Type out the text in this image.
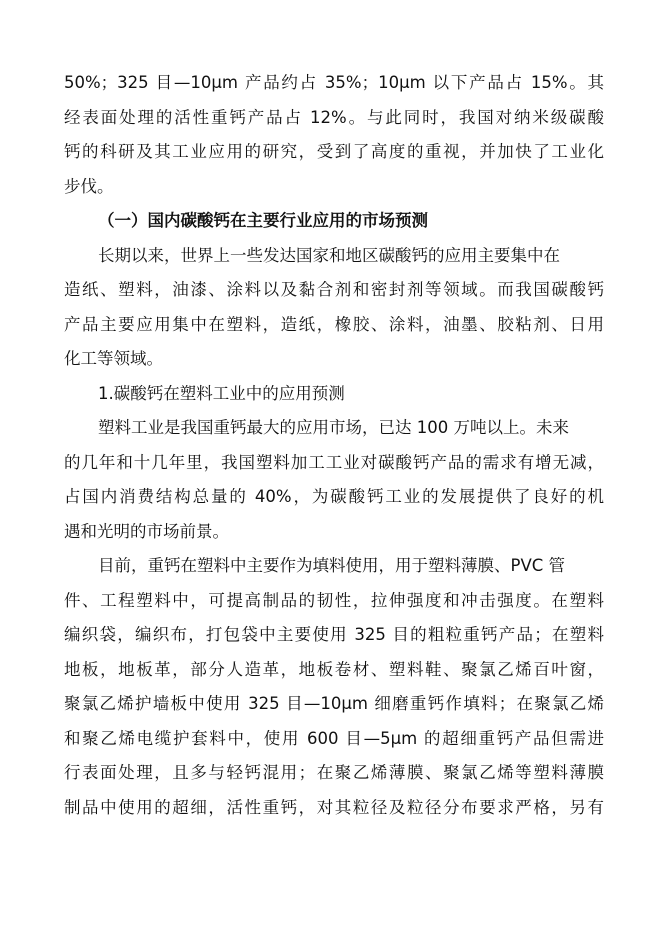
50%；325 目—10μm 产品约占 35%；10μm 以下产品占 15%。其
经表面处理的活性重钙产品占 12%。与此同时，我国对纳米级碳酸
钙的科研及其工业应用的研究，受到了高度的重视，并加快了工业化
步伐。
（一）国内碳酸钙在主要行业应用的市场预测
长期以来，世界上一些发达国家和地区碳酸钙的应用主要集中在
造纸、塑料，油漆、涂料以及黏合剂和密封剂等领域。而我国碳酸钙
产品主要应用集中在塑料，造纸，橡胶、涂料，油墨、胶粘剂、日用
化工等领域。
1.碳酸钙在塑料工业中的应用预测
塑料工业是我国重钙最大的应用市场，已达 100 万吨以上。未来
的几年和十几年里，我国塑料加工工业对碳酸钙产品的需求有增无减，
占国内消费结构总量的 40%，为碳酸钙工业的发展提供了良好的机
遇和光明的市场前景。
目前，重钙在塑料中主要作为填料使用，用于塑料薄膜、PVC 管
件、工程塑料中，可提高制品的韧性，拉伸强度和冲击强度。在塑料
编织袋，编织布，打包袋中主要使用 325 目的粗粒重钙产品；在塑料
地板，地板革，部分人造革，地板卷材、塑料鞋、聚氯乙烯百叶窗，
聚氯乙烯护墙板中使用 325 目—10μm 细磨重钙作填料；在聚氯乙烯
和聚乙烯电缆护套料中，使用 600 目—5μm 的超细重钙产品但需进
行表面处理，且多与轻钙混用；在聚乙烯薄膜、聚氯乙烯等塑料薄膜
制品中使用的超细，活性重钙，对其粒径及粒径分布要求严格，另有
